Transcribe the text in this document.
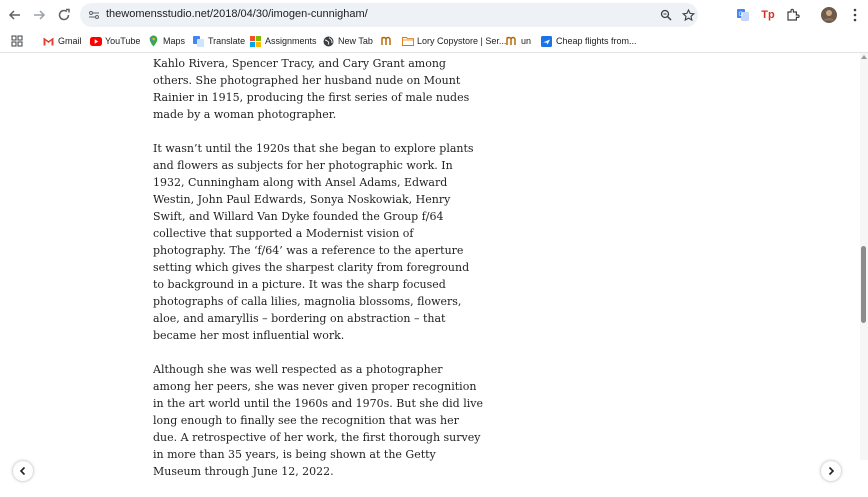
thewomensstudio.net/2018/04/30/imogen-cunnigham/	G Tp
Gmail	YouTube	Maps	Translate Assignments New Tab	Lory Copystore | Ser... un	Cheap flights from...

Kahlo Rivera, Spencer Tracy, and Cary Grant among others. She photographed her husband nude on Mount Rainier in 1915, producing the first series of male nudes made by a woman photographer.

It wasn’t until the 1920s that she began to explore plants and flowers as subjects for her photographic work. In 1932, Cunningham along with Ansel Adams, Edward Westin, John Paul Edwards, Sonya Noskowiak, Henry Swift, and Willard Van Dyke founded the Group f/64 collective that supported a Modernist vision of photography. The ‘f/64’ was a reference to the aperture setting which gives the sharpest clarity from foreground to background in a picture. It was the sharp focused photographs of calla lilies, magnolia blossoms, flowers, aloe, and amaryllis – bordering on abstraction – that became her most influential work.

Although she was well respected as a photographer among her peers, she was never given proper recognition in the art world until the 1960s and 1970s. But she did live long enough to finally see the recognition that was her due. A retrospective of her work, the first thorough survey in more than 35 years, is being shown at the Getty Museum through June 12, 2022.
